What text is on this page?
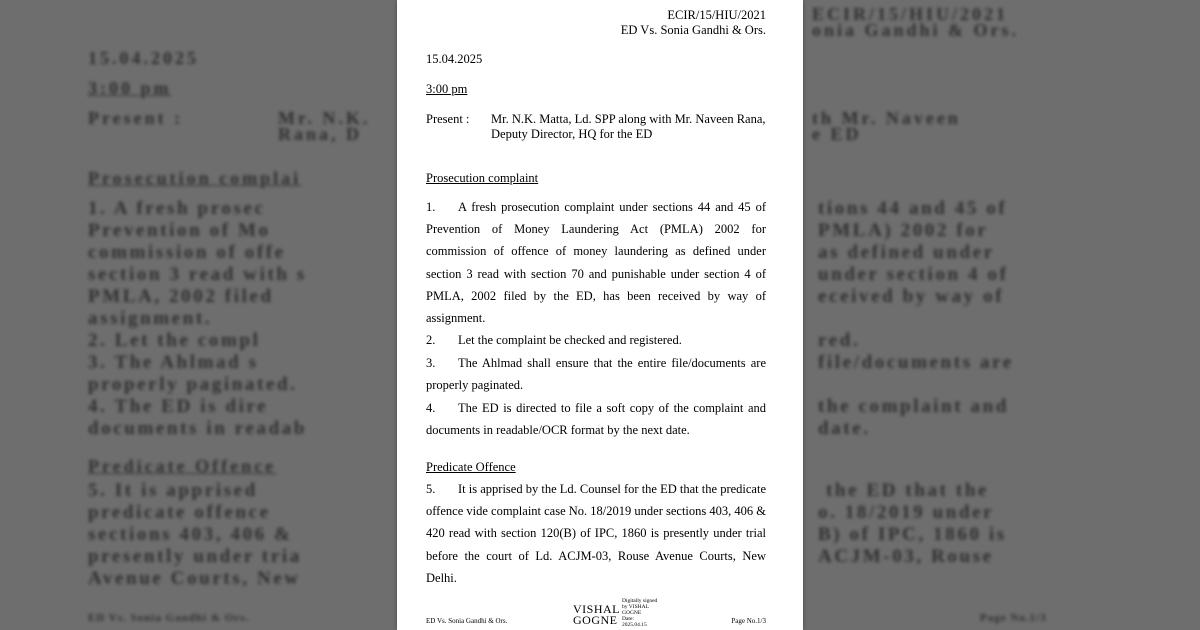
15.04.2025
3:00 pm
Present :	Mr. N.K.
Rana, D
th Mr. Naveen
e ED
ECIR/15/HIU/2021
onia Gandhi & Ors.
Prosecution complai
1. A fresh prosec
Prevention of Mo
commission of offe
section 3 read with s
PMLA, 2002 filed
assignment.
2. Let the compl
3. The Ahlmad s
properly paginated.
4. The ED is dire
documents in readab
tions 44 and 45 of
PMLA) 2002 for
as defined under
under section 4 of
eceived by way of
red.
file/documents are
the complaint and
date.
Predicate Offence
5. It is apprised
predicate offence
sections 403, 406 &
presently under tria
Avenue Courts, New
the ED that the
o. 18/2019 under
B) of IPC, 1860 is
ACJM-03, Rouse
ED Vs. Sonia Gandhi & Ors.	Page No.1/3
ECIR/15/HIU/2021
ED Vs. Sonia Gandhi & Ors.
15.04.2025
3:00 pm
Present : Mr. N.K. Matta, Ld. SPP along with Mr. Naveen Rana, Deputy Director, HQ for the ED
Prosecution complaint

1. A fresh prosecution complaint under sections 44 and 45 of Prevention of Money Laundering Act (PMLA) 2002 for commission of offence of money laundering as defined under section 3 read with section 70 and punishable under section 4 of PMLA, 2002 filed by the ED, has been received by way of assignment.

2. Let the complaint be checked and registered.

3. The Ahlmad shall ensure that the entire file/documents are properly paginated.

4. The ED is directed to file a soft copy of the complaint and documents in readable/OCR format by the next date.

Predicate Offence

5. It is apprised by the Ld. Counsel for the ED that the predicate offence vide complaint case No. 18/2019 under sections 403, 406 & 420 read with section 120(B) of IPC, 1860 is presently under trial before the court of Ld. ACJM-03, Rouse Avenue Courts, New Delhi.

ED Vs. Sonia Gandhi & Ors.
VISHAL
GOGNE
Digitally signed
by VISHAL
GOGNE
Date:
2025.04.15	Page No.1/3
